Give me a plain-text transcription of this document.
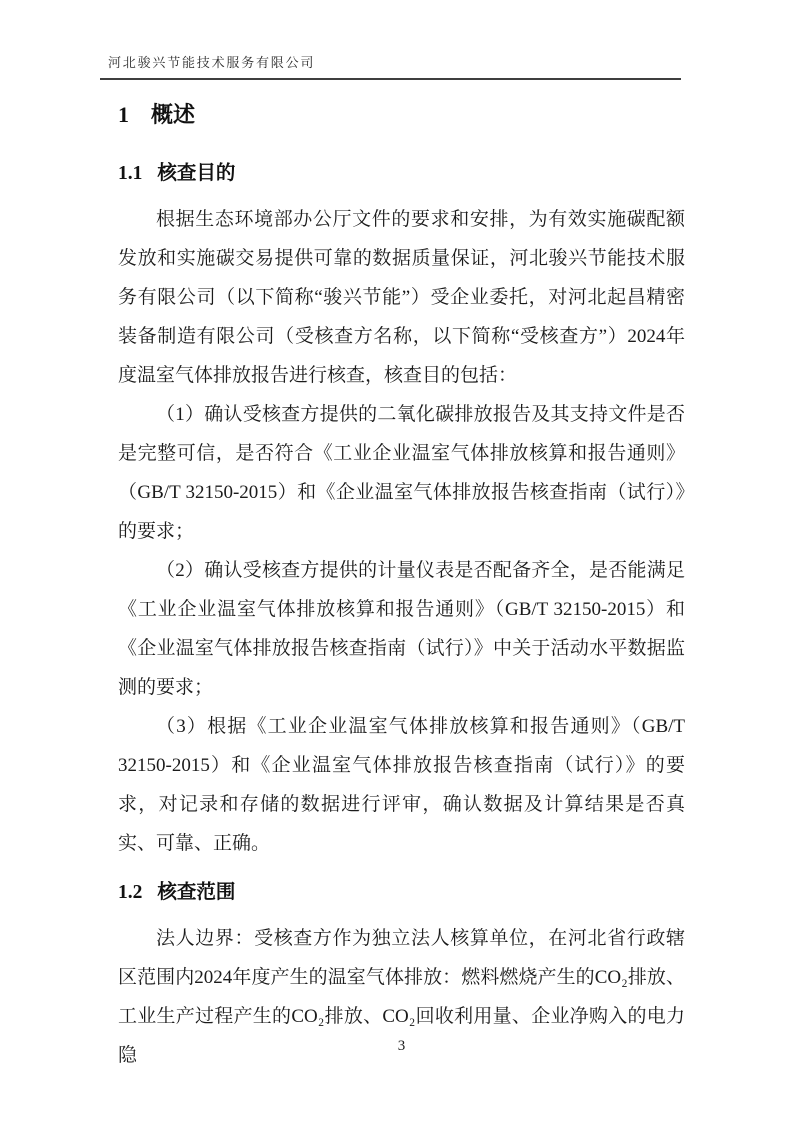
河北骏兴节能技术服务有限公司
1 概述
1.1 核查目的

根据生态环境部办公厅文件的要求和安排，为有效实施碳配额发放和实施碳交易提供可靠的数据质量保证，河北骏兴节能技术服务有限公司（以下简称“骏兴节能”）受企业委托，对河北起昌精密装备制造有限公司（受核查方名称，以下简称“受核查方”）2024年度温室气体排放报告进行核查，核查目的包括：

（1）确认受核查方提供的二氧化碳排放报告及其支持文件是否是完整可信，是否符合《工业企业温室气体排放核算和报告通则》（GB/T 32150-2015）和《企业温室气体排放报告核查指南（试行）》的要求；

（2）确认受核查方提供的计量仪表是否配备齐全，是否能满足《工业企业温室气体排放核算和报告通则》（GB/T 32150-2015）和《企业温室气体排放报告核查指南（试行）》中关于活动水平数据监测的要求；

（3）根据《工业企业温室气体排放核算和报告通则》（GB/T 32150-2015）和《企业温室气体排放报告核查指南（试行）》的要求，对记录和存储的数据进行评审，确认数据及计算结果是否真实、可靠、正确。

1.2 核查范围

法人边界：受核查方作为独立法人核算单位，在河北省行政辖区范围内2024年度产生的温室气体排放：燃料燃烧产生的CO₂排放、工业生产过程产生的CO₂排放、CO₂回收利用量、企业净购入的电力隐	3
